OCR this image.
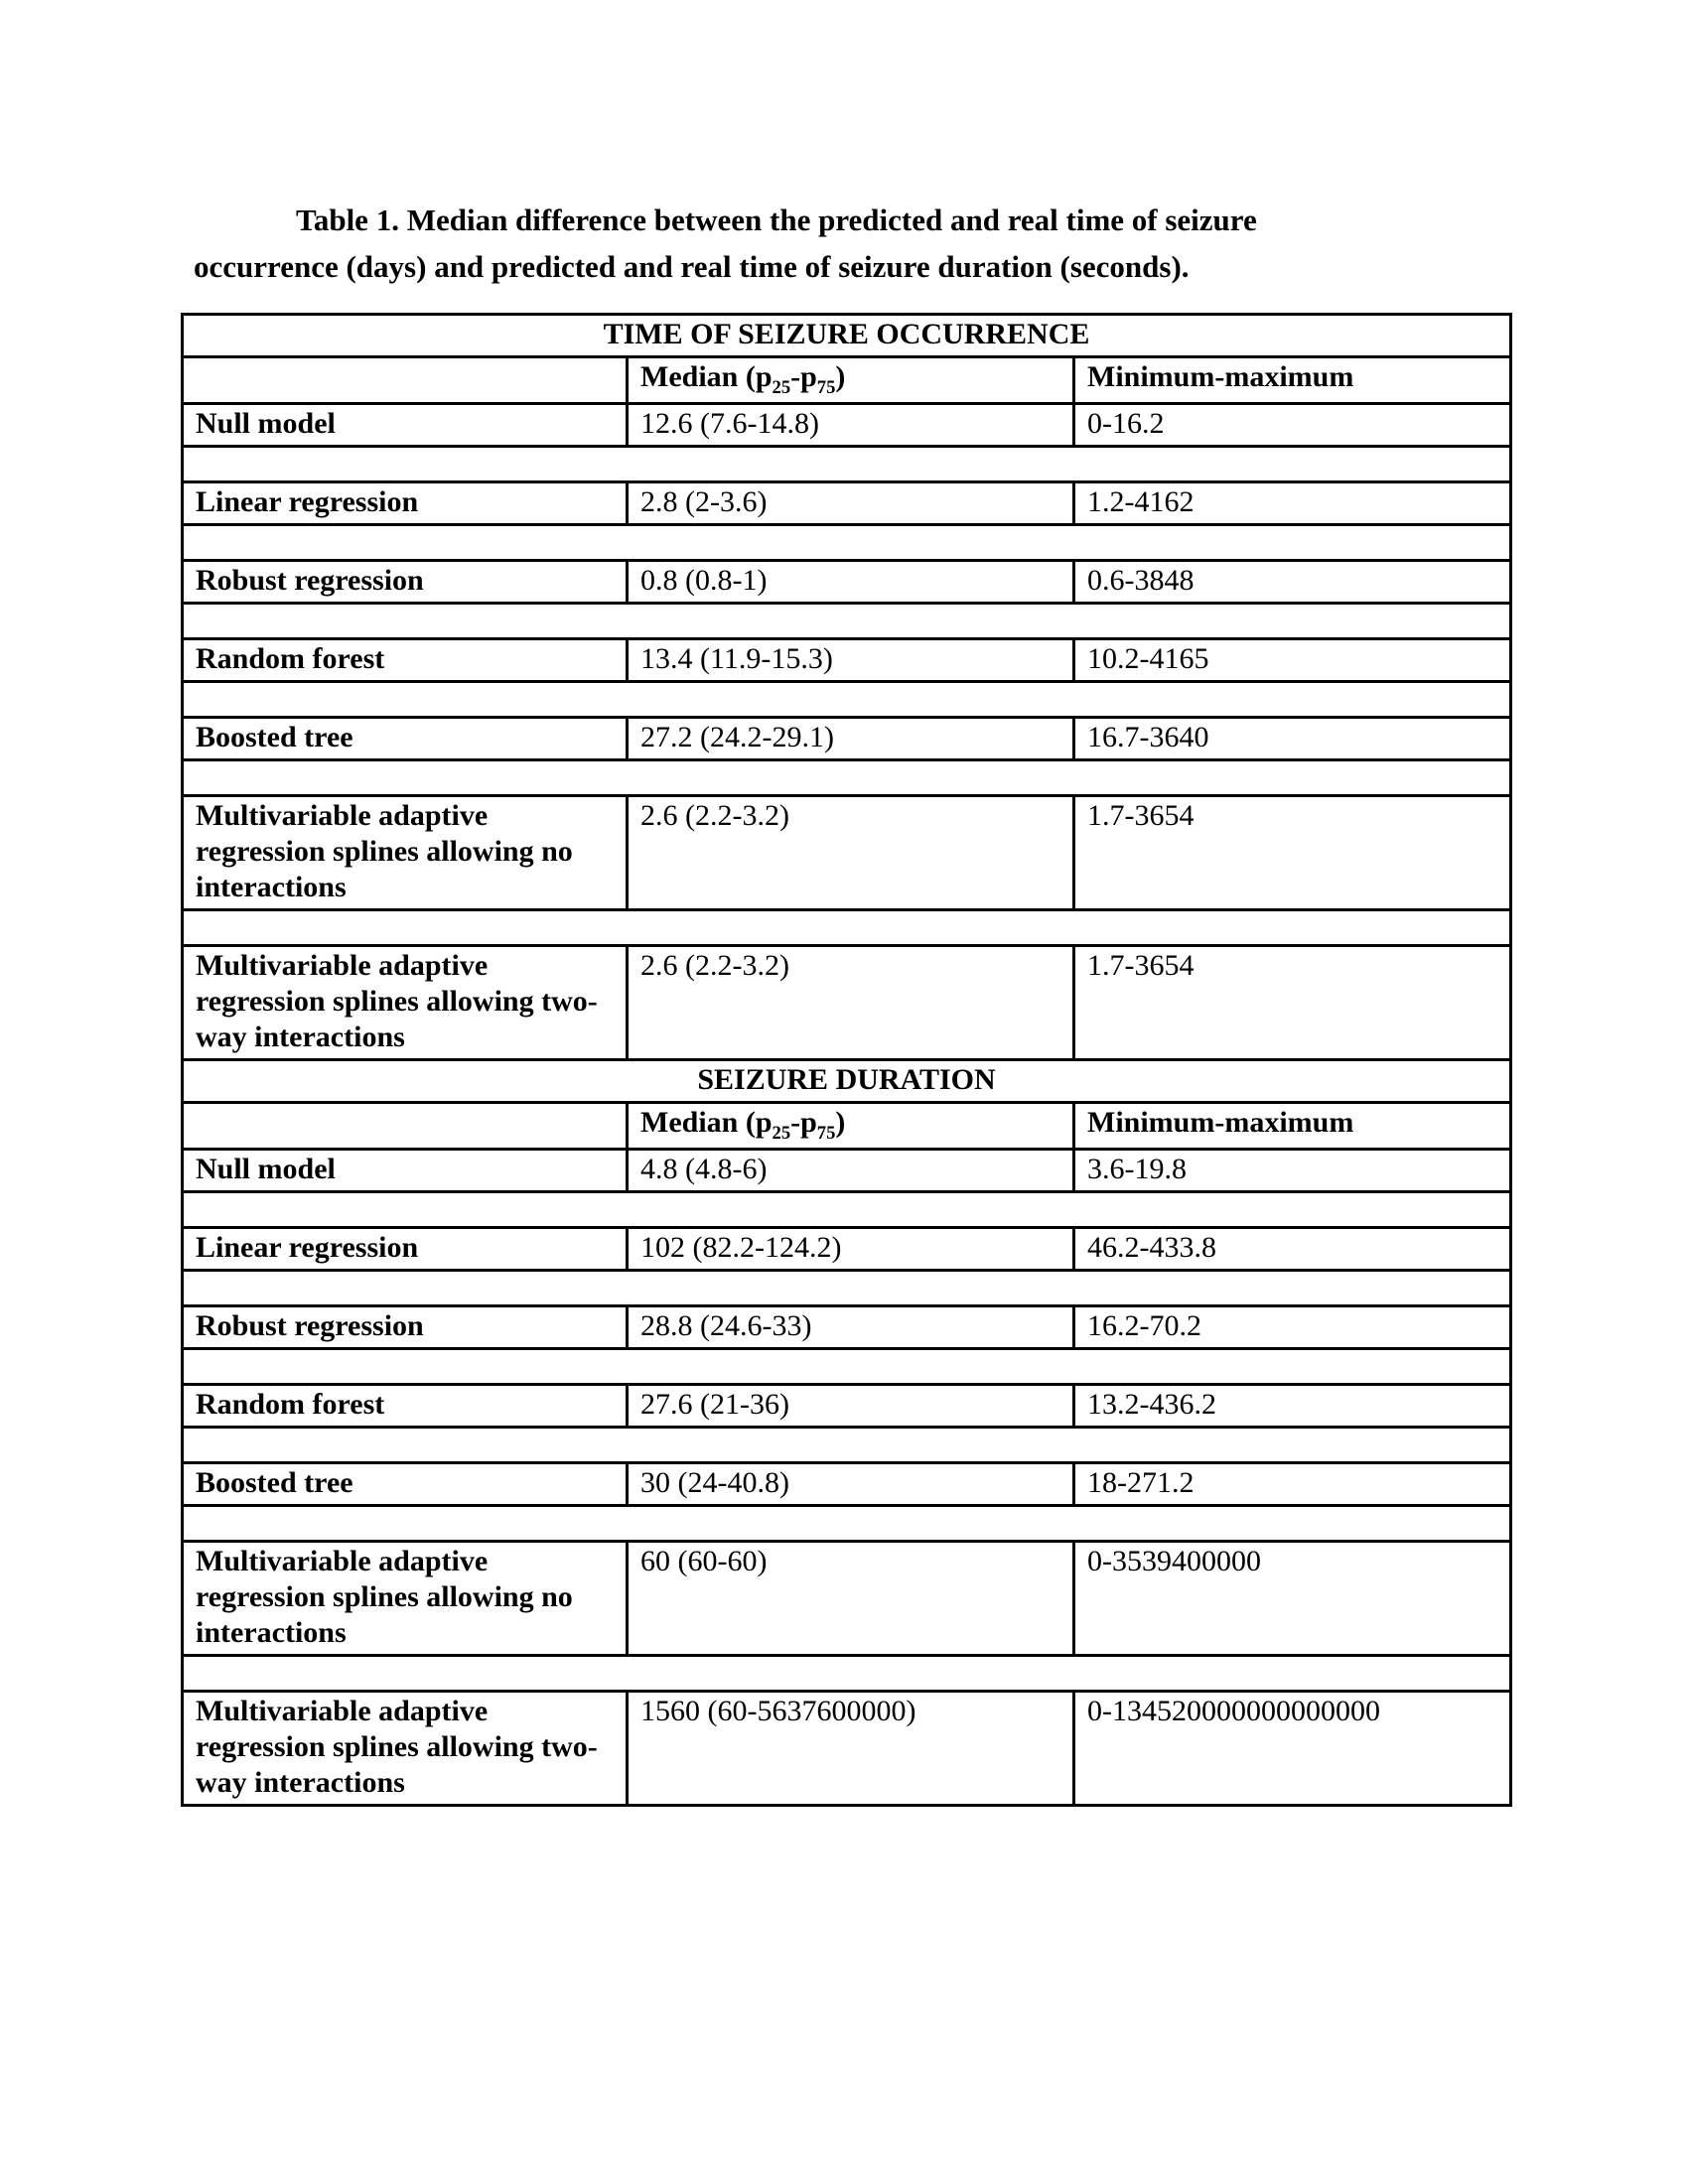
Table 1. Median difference between the predicted and real time of seizure
occurrence (days) and predicted and real time of seizure duration (seconds).
TIME OF SEIZURE OCCURRENCE		
	Median $(p_{25}-p_{75})$	Minimum-maximum
Null model	12.6 (7.6-14.8)	0-16.2

Linear regression	2.8 (2-3.6)	1.2-4162

Robust regression	0.8 (0.8-1)	0.6-3848

Random forest	13.4 (11.9-15.3)	10.2-4165

Boosted tree	27.2 (24.2-29.1)	16.7-3640

Multivariable adaptive regression splines allowing no interactions	2.6 (2.2-3.2)	1.7-3654

Multivariable adaptive regression splines allowing two-way interactions	2.6 (2.2-3.2)	1.7-3654
SEIZURE DURATION		
	Median $(p_{25}-p_{75})$	Minimum-maximum
Null model	4.8 (4.8-6)	3.6-19.8

Linear regression	102 (82.2-124.2)	46.2-433.8

Robust regression	28.8 (24.6-33)	16.2-70.2

Random forest	27.6 (21-36)	13.2-436.2

Boosted tree	30 (24-40.8)	18-271.2

Multivariable adaptive regression splines allowing no interactions	60 (60-60)	0-3539400000

Multivariable adaptive regression splines allowing two-way interactions	1560 (60-5637600000)	0-134520000000000000
